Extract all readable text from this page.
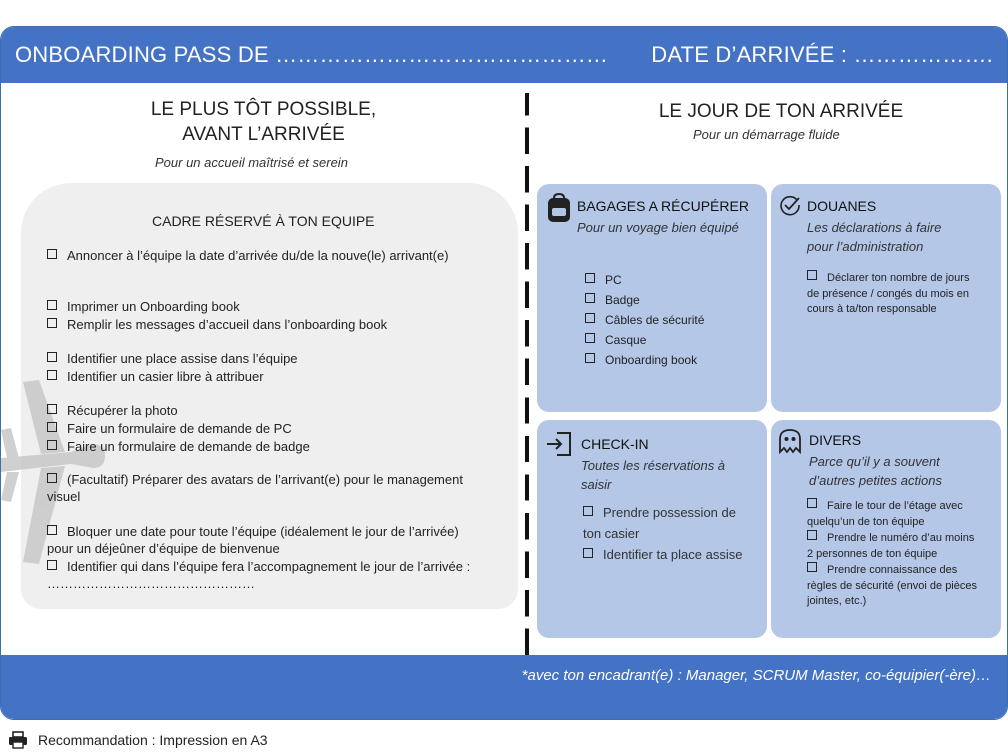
ONBOARDING PASS DE ……………………………………… DATE D’ARRIVÉE : ……………….
LE PLUS TÔT POSSIBLE,
AVANT L’ARRIVÉE
Pour un accueil maîtrisé et serein
LE JOUR DE TON ARRIVÉE
Pour un démarrage fluide
CADRE RÉSERVÉ À TON EQUIPE
Annoncer à l’équipe la date d’arrivée du/de la nouve(le) arrivant(e)
Imprimer un Onboarding book
Remplir les messages d’accueil dans l’onboarding book
Identifier une place assise dans l’équipe
Identifier un casier libre à attribuer
Récupérer la photo
Faire un formulaire de demande de PC
Faire un formulaire de demande de badge
(Facultatif) Préparer des avatars de l’arrivant(e) pour le management visuel
Bloquer une date pour toute l’équipe (idéalement le jour de l’arrivée) pour un déjeûner d’équipe de bienvenue
Identifier qui dans l’équipe fera l’accompagnement le jour de l’arrivée : …………………………………………
BAGAGES A RÉCUPÉRER
Pour un voyage bien équipé
PC
Badge
Câbles de sécurité
Casque
Onboarding book
DOUANES
Les déclarations à faire
pour l’administration
Déclarer ton nombre de jours de présence / congés du mois en cours à ta/ton responsable
CHECK-IN
Toutes les réservations à
saisir
Prendre possession de ton casier
Identifier ta place assise
DIVERS
Parce qu’il y a souvent
d’autres petites actions
Faire le tour de l’étage avec quelqu’un de ton équipe
Prendre le numéro d’au moins 2 personnes de ton équipe
Prendre connaissance des règles de sécurité (envoi de pièces jointes, etc.)
*avec ton encadrant(e) : Manager, SCRUM Master, co-équipier(-ère)…
Recommandation : Impression en A3
